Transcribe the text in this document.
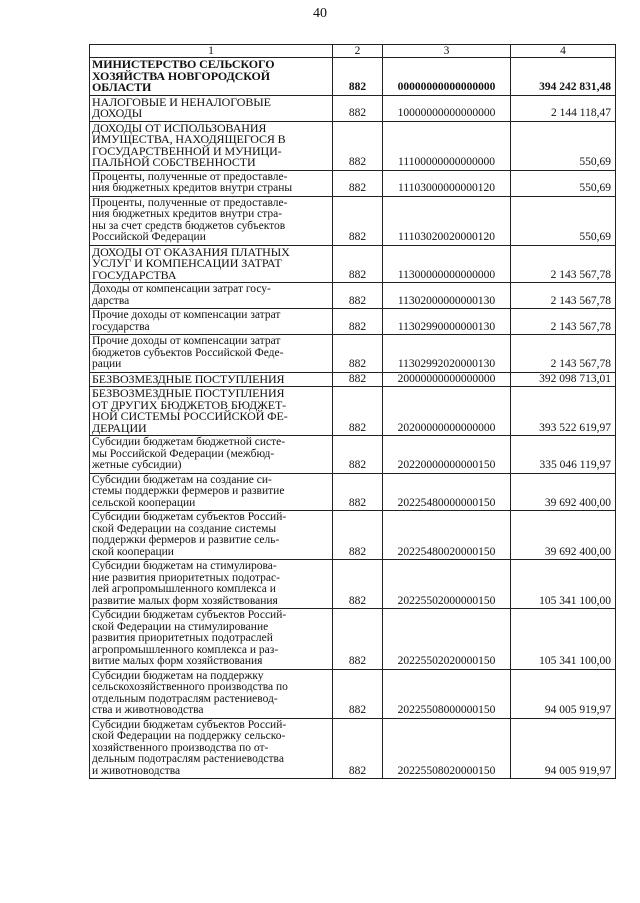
40
1	2	3	4
МИНИСТЕРСТВО СЕЛЬСКОГО
ХОЗЯЙСТВА НОВГОРОДСКОЙ
ОБЛАСТИ	882	00000000000000000	394 242 831,48
НАЛОГОВЫЕ И НЕНАЛОГОВЫЕ
ДОХОДЫ	882	10000000000000000	2 144 118,47
ДОХОДЫ ОТ ИСПОЛЬЗОВАНИЯ
ИМУЩЕСТВА, НАХОДЯЩЕГОСЯ В
ГОСУДАРСТВЕННОЙ И МУНИЦИ-
ПАЛЬНОЙ СОБСТВЕННОСТИ	882	11100000000000000	550,69
Проценты, полученные от предоставле-
ния бюджетных кредитов внутри страны	882	11103000000000120	550,69
Проценты, полученные от предоставле-
ния бюджетных кредитов внутри стра-
ны за счет средств бюджетов субъектов
Российской Федерации	882	11103020020000120	550,69
ДОХОДЫ ОТ ОКАЗАНИЯ ПЛАТНЫХ
УСЛУГ И КОМПЕНСАЦИИ ЗАТРАТ
ГОСУДАРСТВА	882	11300000000000000	2 143 567,78
Доходы от компенсации затрат госу-
дарства	882	11302000000000130	2 143 567,78
Прочие доходы от компенсации затрат
государства	882	11302990000000130	2 143 567,78
Прочие доходы от компенсации затрат
бюджетов субъектов Российской Феде-
рации	882	11302992020000130	2 143 567,78
БЕЗВОЗМЕЗДНЫЕ ПОСТУПЛЕНИЯ	882	20000000000000000	392 098 713,01
БЕЗВОЗМЕЗДНЫЕ ПОСТУПЛЕНИЯ
ОТ ДРУГИХ БЮДЖЕТОВ БЮДЖЕТ-
НОЙ СИСТЕМЫ РОССИЙСКОЙ ФЕ-
ДЕРАЦИИ	882	20200000000000000	393 522 619,97
Субсидии бюджетам бюджетной систе-
мы Российской Федерации (межбюд-
жетные субсидии)	882	20220000000000150	335 046 119,97
Субсидии бюджетам на создание си-
стемы поддержки фермеров и развитие
сельской кооперации	882	20225480000000150	39 692 400,00
Субсидии бюджетам субъектов Россий-
ской Федерации на создание системы
поддержки фермеров и развитие сель-
ской кооперации	882	20225480020000150	39 692 400,00
Субсидии бюджетам на стимулирова-
ние развития приоритетных подотрас-
лей агропромышленного комплекса и
развитие малых форм хозяйствования	882	20225502000000150	105 341 100,00
Субсидии бюджетам субъектов Россий-
ской Федерации на стимулирование
развития приоритетных подотраслей
агропромышленного комплекса и раз-
витие малых форм хозяйствования	882	20225502020000150	105 341 100,00
Субсидии бюджетам на поддержку
сельскохозяйственного производства по
отдельным подотраслям растениевод-
ства и животноводства	882	20225508000000150	94 005 919,97
Субсидии бюджетам субъектов Россий-
ской Федерации на поддержку сельско-
хозяйственного производства по от-
дельным подотраслям растениеводства
и животноводства	882	20225508020000150	94 005 919,97
